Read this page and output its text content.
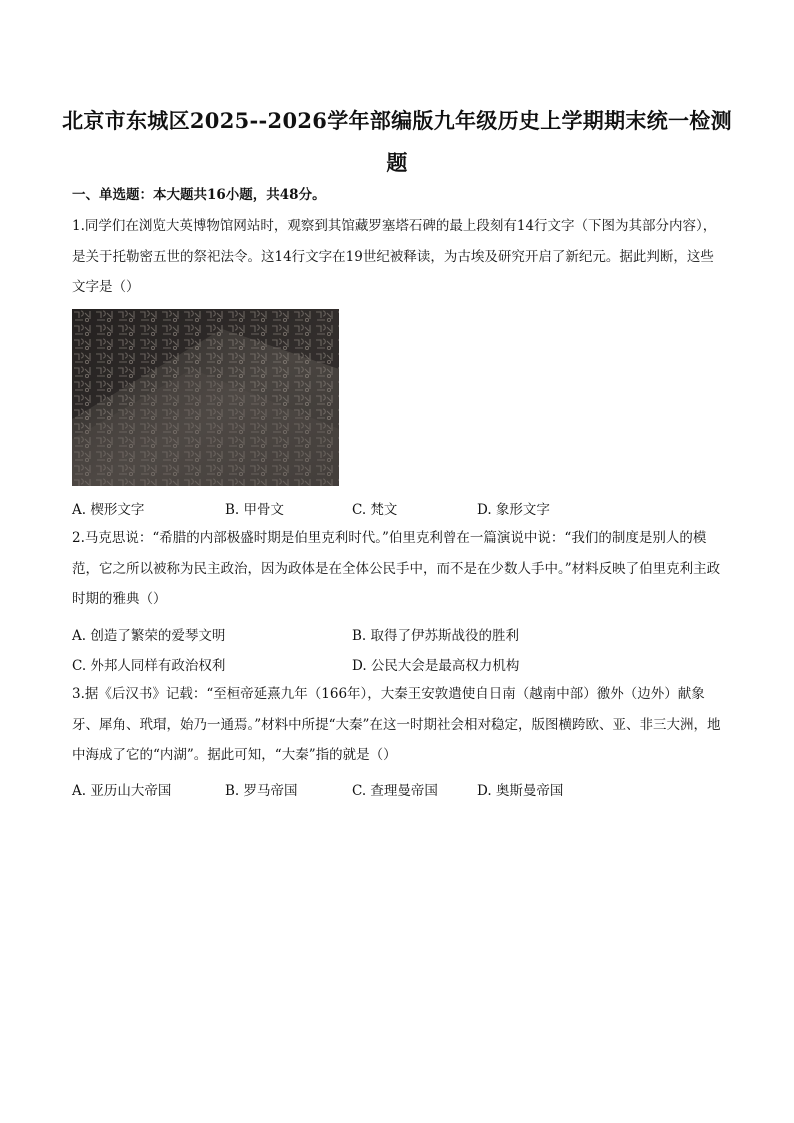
北京市东城区2025--2026学年部编版九年级历史上学期期末统一检测题
一、单选题：本大题共16小题，共48分。
1.同学们在浏览大英博物馆网站时，观察到其馆藏罗塞塔石碑的最上段刻有14行文字（下图为其部分内容），是关于托勒密五世的祭祀法令。这14行文字在19世纪被释读，为古埃及研究开启了新纪元。据此判断，这些文字是（）
A. 楔形文字	B. 甲骨文	C. 梵文	D. 象形文字
2.马克思说：“希腊的内部极盛时期是伯里克利时代。”伯里克利曾在一篇演说中说：“我们的制度是别人的模范，它之所以被称为民主政治，因为政体是在全体公民手中，而不是在少数人手中。”材料反映了伯里克利主政时期的雅典（）
A. 创造了繁荣的爱琴文明	B. 取得了伊苏斯战役的胜利
C. 外邦人同样有政治权利	D. 公民大会是最高权力机构
3.据《后汉书》记载：“至桓帝延熹九年（166年），大秦王安敦遣使自日南（越南中部）徼外（边外）献象牙、犀角、玳瑁，始乃一通焉。”材料中所提“大秦”在这一时期社会相对稳定，版图横跨欧、亚、非三大洲，地中海成了它的“内湖”。据此可知，“大秦”指的就是（）
A. 亚历山大帝国	B. 罗马帝国	C. 查理曼帝国	D. 奥斯曼帝国
